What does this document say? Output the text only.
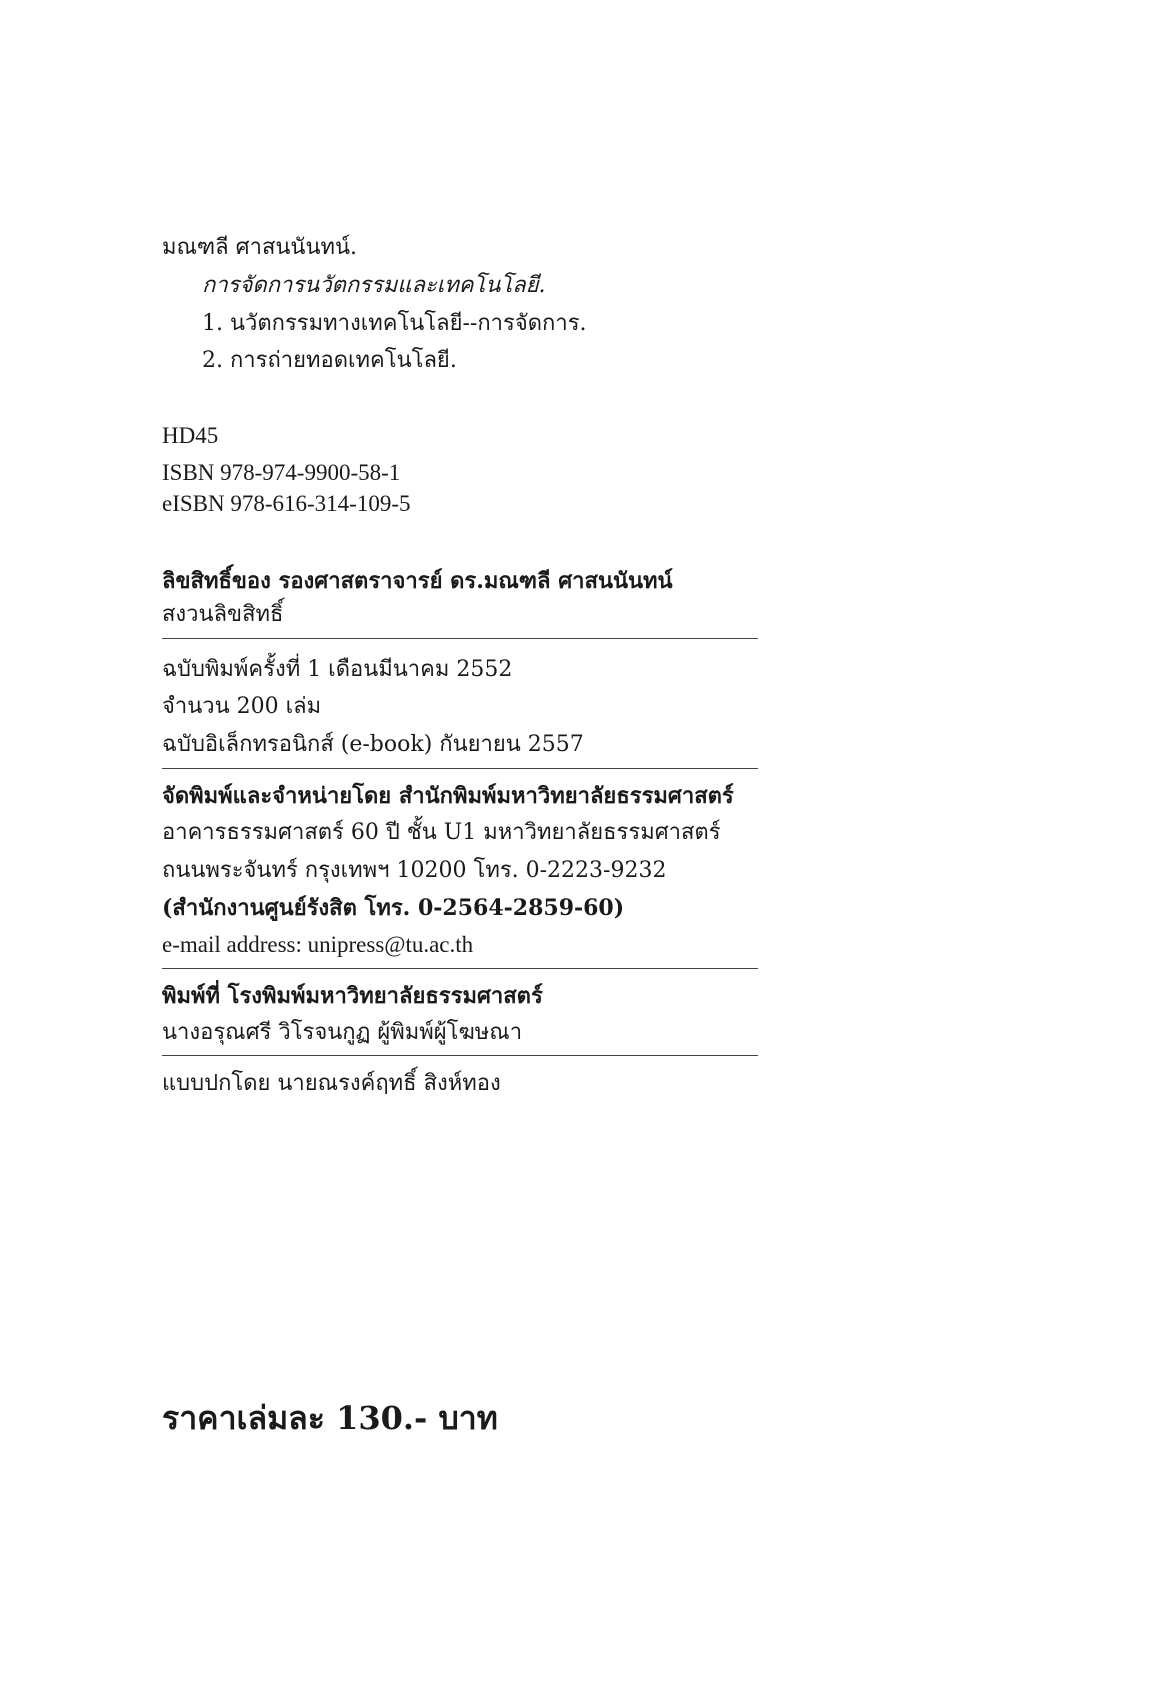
มณฑลี ศาสนนันทน์.

การจัดการนวัตกรรมและเทคโนโลยี.

1. นวัตกรรมทางเทคโนโลยี--การจัดการ.

2. การถ่ายทอดเทคโนโลยี.

HD45

ISBN 978-974-9900-58-1

eISBN 978-616-314-109-5

ลิขสิทธิ์ของ รองศาสตราจารย์ ดร.มณฑลี ศาสนนันทน์

สงวนลิขสิทธิ์

ฉบับพิมพ์ครั้งที่ 1 เดือนมีนาคม 2552

จำนวน 200 เล่ม

ฉบับอิเล็กทรอนิกส์ (e-book) กันยายน 2557

จัดพิมพ์และจำหน่ายโดย สำนักพิมพ์มหาวิทยาลัยธรรมศาสตร์

อาคารธรรมศาสตร์ 60 ปี ชั้น U1 มหาวิทยาลัยธรรมศาสตร์

ถนนพระจันทร์ กรุงเทพฯ 10200 โทร. 0-2223-9232

(สำนักงานศูนย์รังสิต โทร. 0-2564-2859-60)

e-mail address: unipress@tu.ac.th

พิมพ์ที่ โรงพิมพ์มหาวิทยาลัยธรรมศาสตร์

นางอรุณศรี วิโรจนกูฏ ผู้พิมพ์ผู้โฆษณา

แบบปกโดย นายณรงค์ฤทธิ์ สิงห์ทอง

ราคาเล่มละ 130.- บาท
